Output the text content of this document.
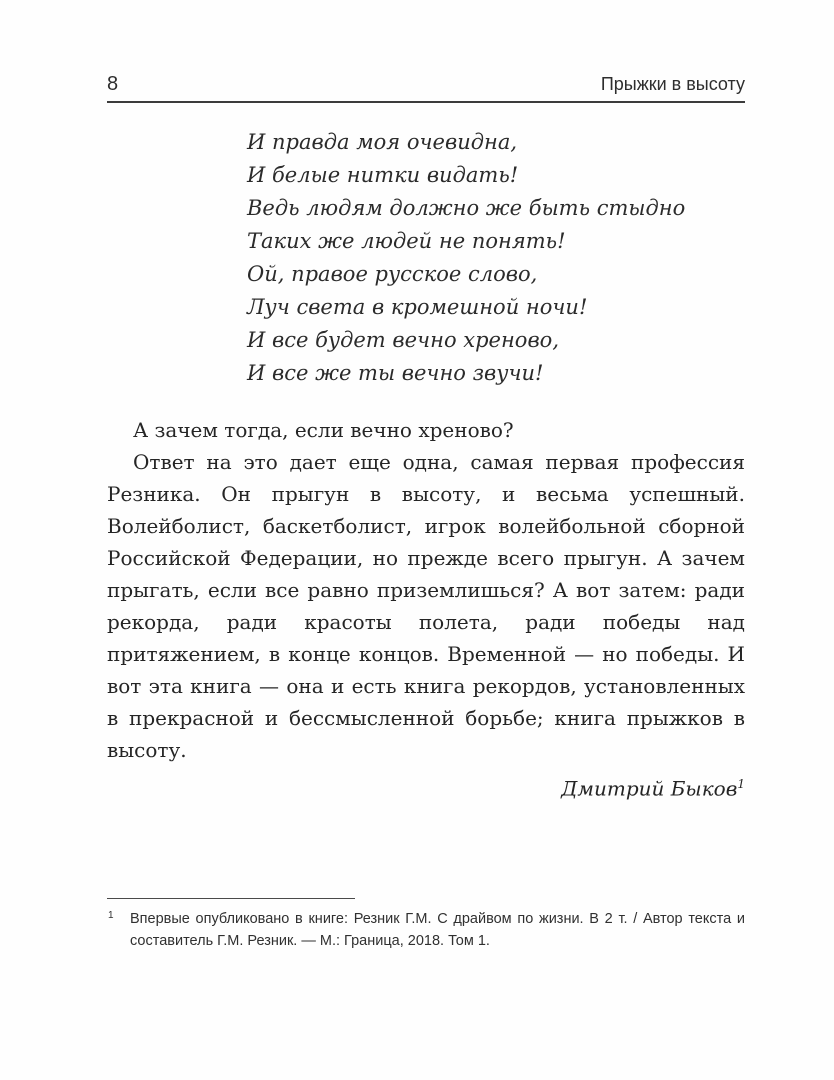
8	Прыжки в высоту
И правда моя очевидна,
И белые нитки видать!
Ведь людям должно же быть стыдно
Таких же людей не понять!
Ой, правое русское слово,
Луч света в кромешной ночи!
И все будет вечно хреново,
И все же ты вечно звучи!

А зачем тогда, если вечно хреново?

Ответ на это дает еще одна, самая первая профессия Резника. Он прыгун в высоту, и весьма успешный. Волейболист, баскетболист, игрок волейбольной сборной Российской Федерации, но прежде всего прыгун. А зачем прыгать, если все равно приземлишься? А вот затем: ради рекорда, ради красоты полета, ради победы над притяжением, в конце концов. Временной — но победы. И вот эта книга — она и есть книга рекордов, установленных в прекрасной и бессмысленной борьбе; книга прыжков в высоту.

Дмитрий Быков$^1$
1 Впервые опубликовано в книге: Резник Г.М. С драйвом по жизни. В 2 т. / Автор текста и составитель Г.М. Резник. — М.: Граница, 2018. Том 1.
